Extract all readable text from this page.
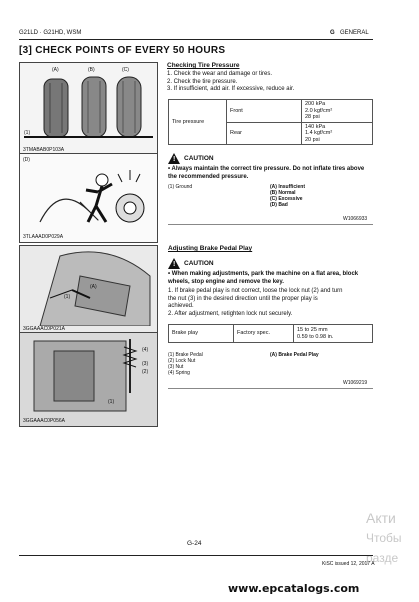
G21LD · G21HD, WSM	G GENERAL
[3] CHECK POINTS OF EVERY 50 HOURS
(A)	(B)	(C)
(1)
3TMABAB0P103A
(D)
3TLAAAD0P029A
Checking Tire Pressure
1. Check the wear and damage or tires.
2. Check the tire pressure.
3. If insufficient, add air. If excessive, reduce air.
Tire pressure	Front	200 kPa
2.0 kgf/cm²
28 psi

	Rear	140 kPa
1.4 kgf/cm²
20 psi
! CAUTION
• Always maintain the correct tire pressure. Do not inflate tires above the recommended pressure.
(1) Ground	(A) Insufficient
(B) Normal
(C) Excessive
(D) Bad
W1066933
(A)
(1)
3GGAAAC0P021A
(4)
(3)
(2)
(1)
3GGAAAC0P056A
Adjusting Brake Pedal Play
! CAUTION
• When making adjustments, park the machine on a flat area, block wheels, stop engine and remove the key.
1. If brake pedal play is not correct, loose the lock nut (2) and turn
the nut (3) in the desired direction until the proper play is
achieved.
2. After adjustment, retighten lock nut securely.
Brake play	Factory spec.	
15 to 25 mm
0.59 to 0.98 in.
(1) Brake Pedal
(2) Lock Nut
(3) Nut
(4) Spring
(A) Brake Pedal Play
W1069219
Акти
Чтобы
разде
G-24
KiSC issued 12, 2017 A
www.epcatalogs.com
